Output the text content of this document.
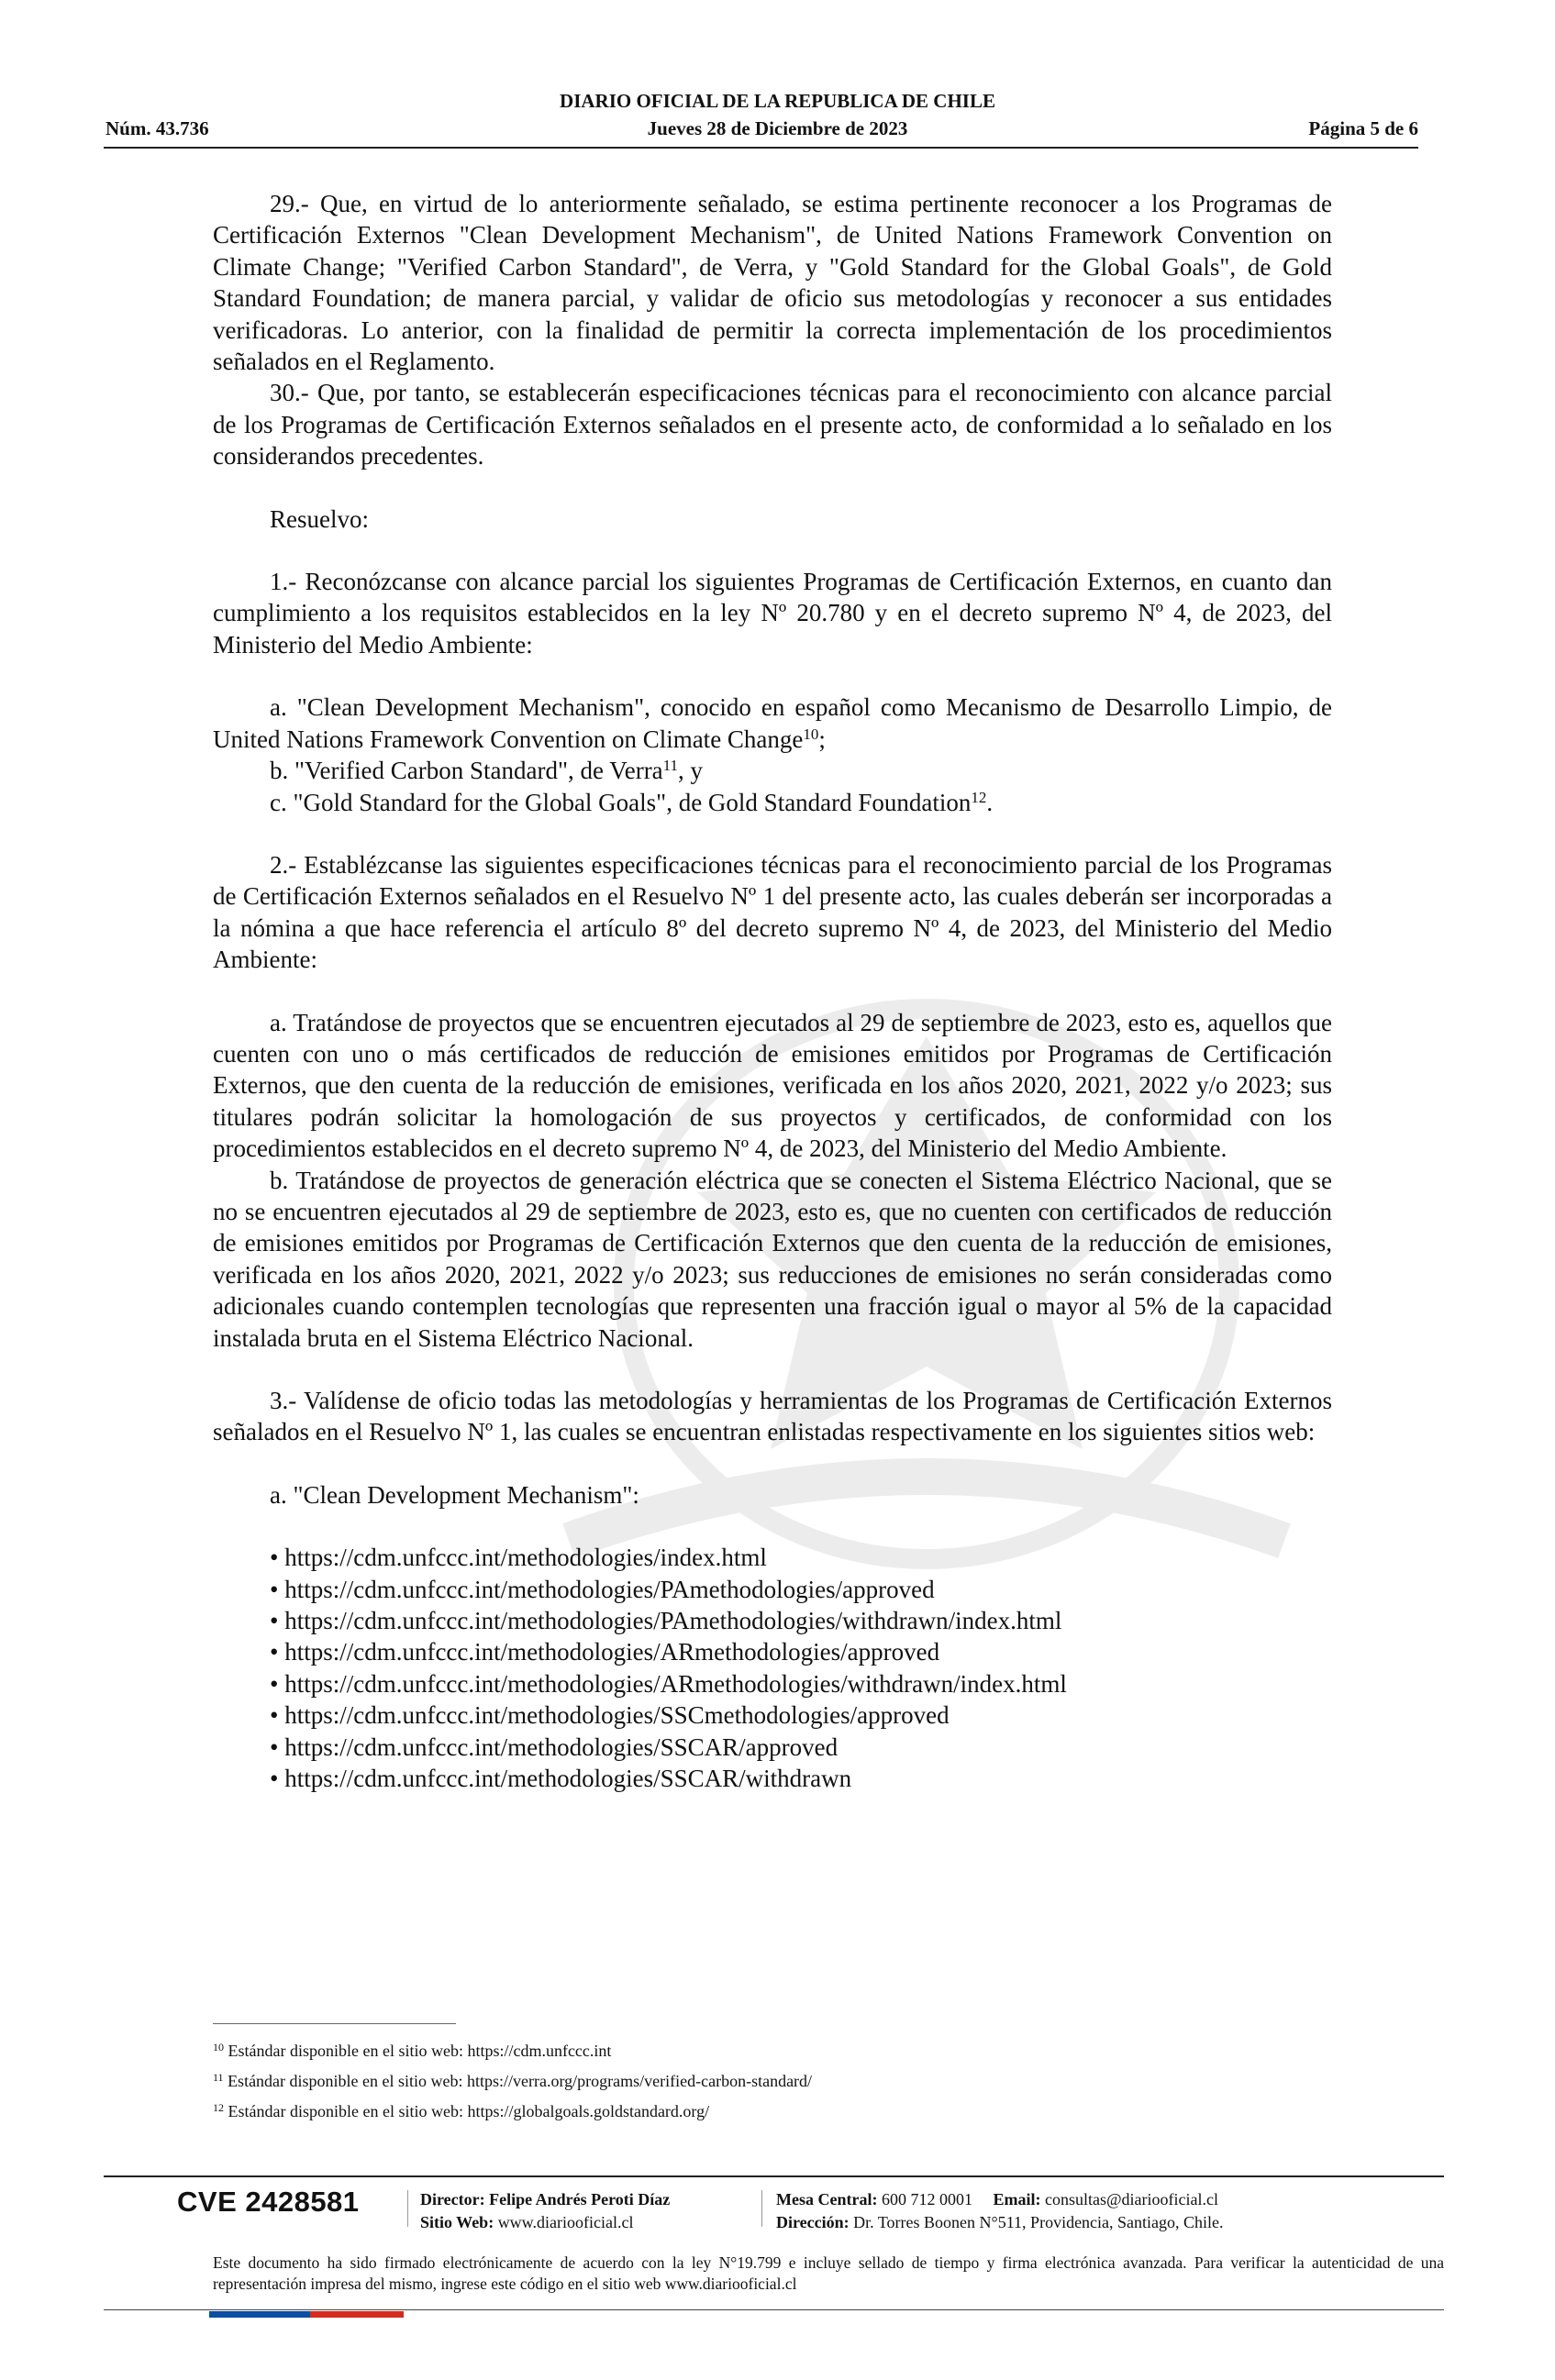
DIARIO OFICIAL DE LA REPUBLICA DE CHILE
Núm. 43.736	Jueves 28 de Diciembre de 2023	Página 5 de 6

29.- Que, en virtud de lo anteriormente señalado, se estima pertinente reconocer a los Programas de Certificación Externos "Clean Development Mechanism", de United Nations Framework Convention on Climate Change; "Verified Carbon Standard", de Verra, y "Gold Standard for the Global Goals", de Gold Standard Foundation; de manera parcial, y validar de oficio sus metodologías y reconocer a sus entidades verificadoras. Lo anterior, con la finalidad de permitir la correcta implementación de los procedimientos señalados en el Reglamento.

30.- Que, por tanto, se establecerán especificaciones técnicas para el reconocimiento con alcance parcial de los Programas de Certificación Externos señalados en el presente acto, de conformidad a lo señalado en los considerandos precedentes.

Resuelvo:

1.- Reconózcanse con alcance parcial los siguientes Programas de Certificación Externos, en cuanto dan cumplimiento a los requisitos establecidos en la ley Nº 20.780 y en el decreto supremo Nº 4, de 2023, del Ministerio del Medio Ambiente:

a. "Clean Development Mechanism", conocido en español como Mecanismo de Desarrollo Limpio, de United Nations Framework Convention on Climate Change$^{10}$;

b. "Verified Carbon Standard", de Verra$^{11}$, y

c. "Gold Standard for the Global Goals", de Gold Standard Foundation$^{12}$.

2.- Establézcanse las siguientes especificaciones técnicas para el reconocimiento parcial de los Programas de Certificación Externos señalados en el Resuelvo Nº 1 del presente acto, las cuales deberán ser incorporadas a la nómina a que hace referencia el artículo 8º del decreto supremo Nº 4, de 2023, del Ministerio del Medio Ambiente:

a. Tratándose de proyectos que se encuentren ejecutados al 29 de septiembre de 2023, esto es, aquellos que cuenten con uno o más certificados de reducción de emisiones emitidos por Programas de Certificación Externos, que den cuenta de la reducción de emisiones, verificada en los años 2020, 2021, 2022 y/o 2023; sus titulares podrán solicitar la homologación de sus proyectos y certificados, de conformidad con los procedimientos establecidos en el decreto supremo Nº 4, de 2023, del Ministerio del Medio Ambiente.

b. Tratándose de proyectos de generación eléctrica que se conecten el Sistema Eléctrico Nacional, que se no se encuentren ejecutados al 29 de septiembre de 2023, esto es, que no cuenten con certificados de reducción de emisiones emitidos por Programas de Certificación Externos que den cuenta de la reducción de emisiones, verificada en los años 2020, 2021, 2022 y/o 2023; sus reducciones de emisiones no serán consideradas como adicionales cuando contemplen tecnologías que representen una fracción igual o mayor al 5% de la capacidad instalada bruta en el Sistema Eléctrico Nacional.

3.- Valídense de oficio todas las metodologías y herramientas de los Programas de Certificación Externos señalados en el Resuelvo Nº 1, las cuales se encuentran enlistadas respectivamente en los siguientes sitios web:

a. "Clean Development Mechanism":

• https://cdm.unfccc.int/methodologies/index.html

• https://cdm.unfccc.int/methodologies/PAmethodologies/approved

• https://cdm.unfccc.int/methodologies/PAmethodologies/withdrawn/index.html

• https://cdm.unfccc.int/methodologies/ARmethodologies/approved

• https://cdm.unfccc.int/methodologies/ARmethodologies/withdrawn/index.html

• https://cdm.unfccc.int/methodologies/SSCmethodologies/approved

• https://cdm.unfccc.int/methodologies/SSCAR/approved

• https://cdm.unfccc.int/methodologies/SSCAR/withdrawn

$^{10}$ Estándar disponible en el sitio web: https://cdm.unfccc.int
$^{11}$ Estándar disponible en el sitio web: https://verra.org/programs/verified-carbon-standard/
$^{12}$ Estándar disponible en el sitio web: https://globalgoals.goldstandard.org/
CVE 2428581	Director: Felipe Andrés Peroti Díaz
Sitio Web: www.diariooficial.cl
Mesa Central: 600 712 0001 Email: consultas@diariooficial.cl
Dirección: Dr. Torres Boonen N°511, Providencia, Santiago, Chile.
Este documento ha sido firmado electrónicamente de acuerdo con la ley N°19.799 e incluye sellado de tiempo y firma electrónica avanzada. Para verificar la autenticidad de una representación impresa del mismo, ingrese este código en el sitio web www.diariooficial.cl
